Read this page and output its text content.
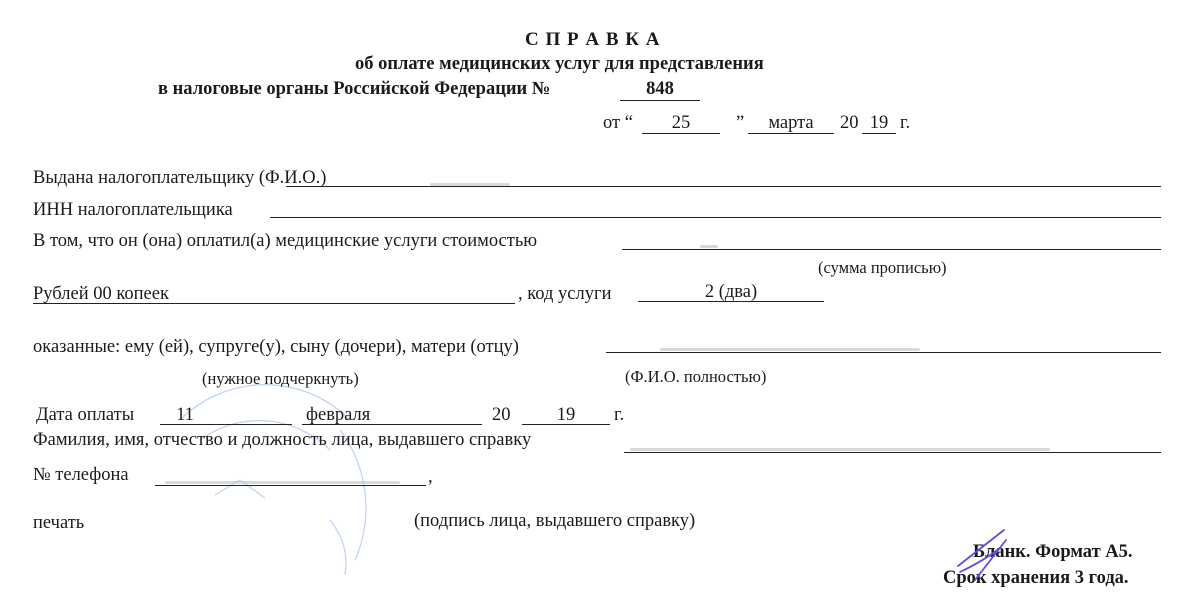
С П Р А В К А
об оплате медицинских услуг для представления
в налоговые органы Российской Федерации №	848
от “	25	”	марта	20 19 г.
Выдана налогоплательщику (Ф.И.О.)
ИНН налогоплательщика
В том, что он (она) оплатил(а) медицинские услуги стоимостью
(сумма прописью)
Рублей 00 копеек	, код услуги	2 (два)
оказанные: ему (ей), супруге(у), сыну (дочери), матери (отцу)
(нужное подчеркнуть)	(Ф.И.О. полностью)
Дата оплаты	11	февраля	20	19	г.
Фамилия, имя, отчество и должность лица, выдавшего справку
№ телефона	,
печать	(подпись лица, выдавшего справку)
Бланк. Формат А5.
Срок хранения 3 года.
